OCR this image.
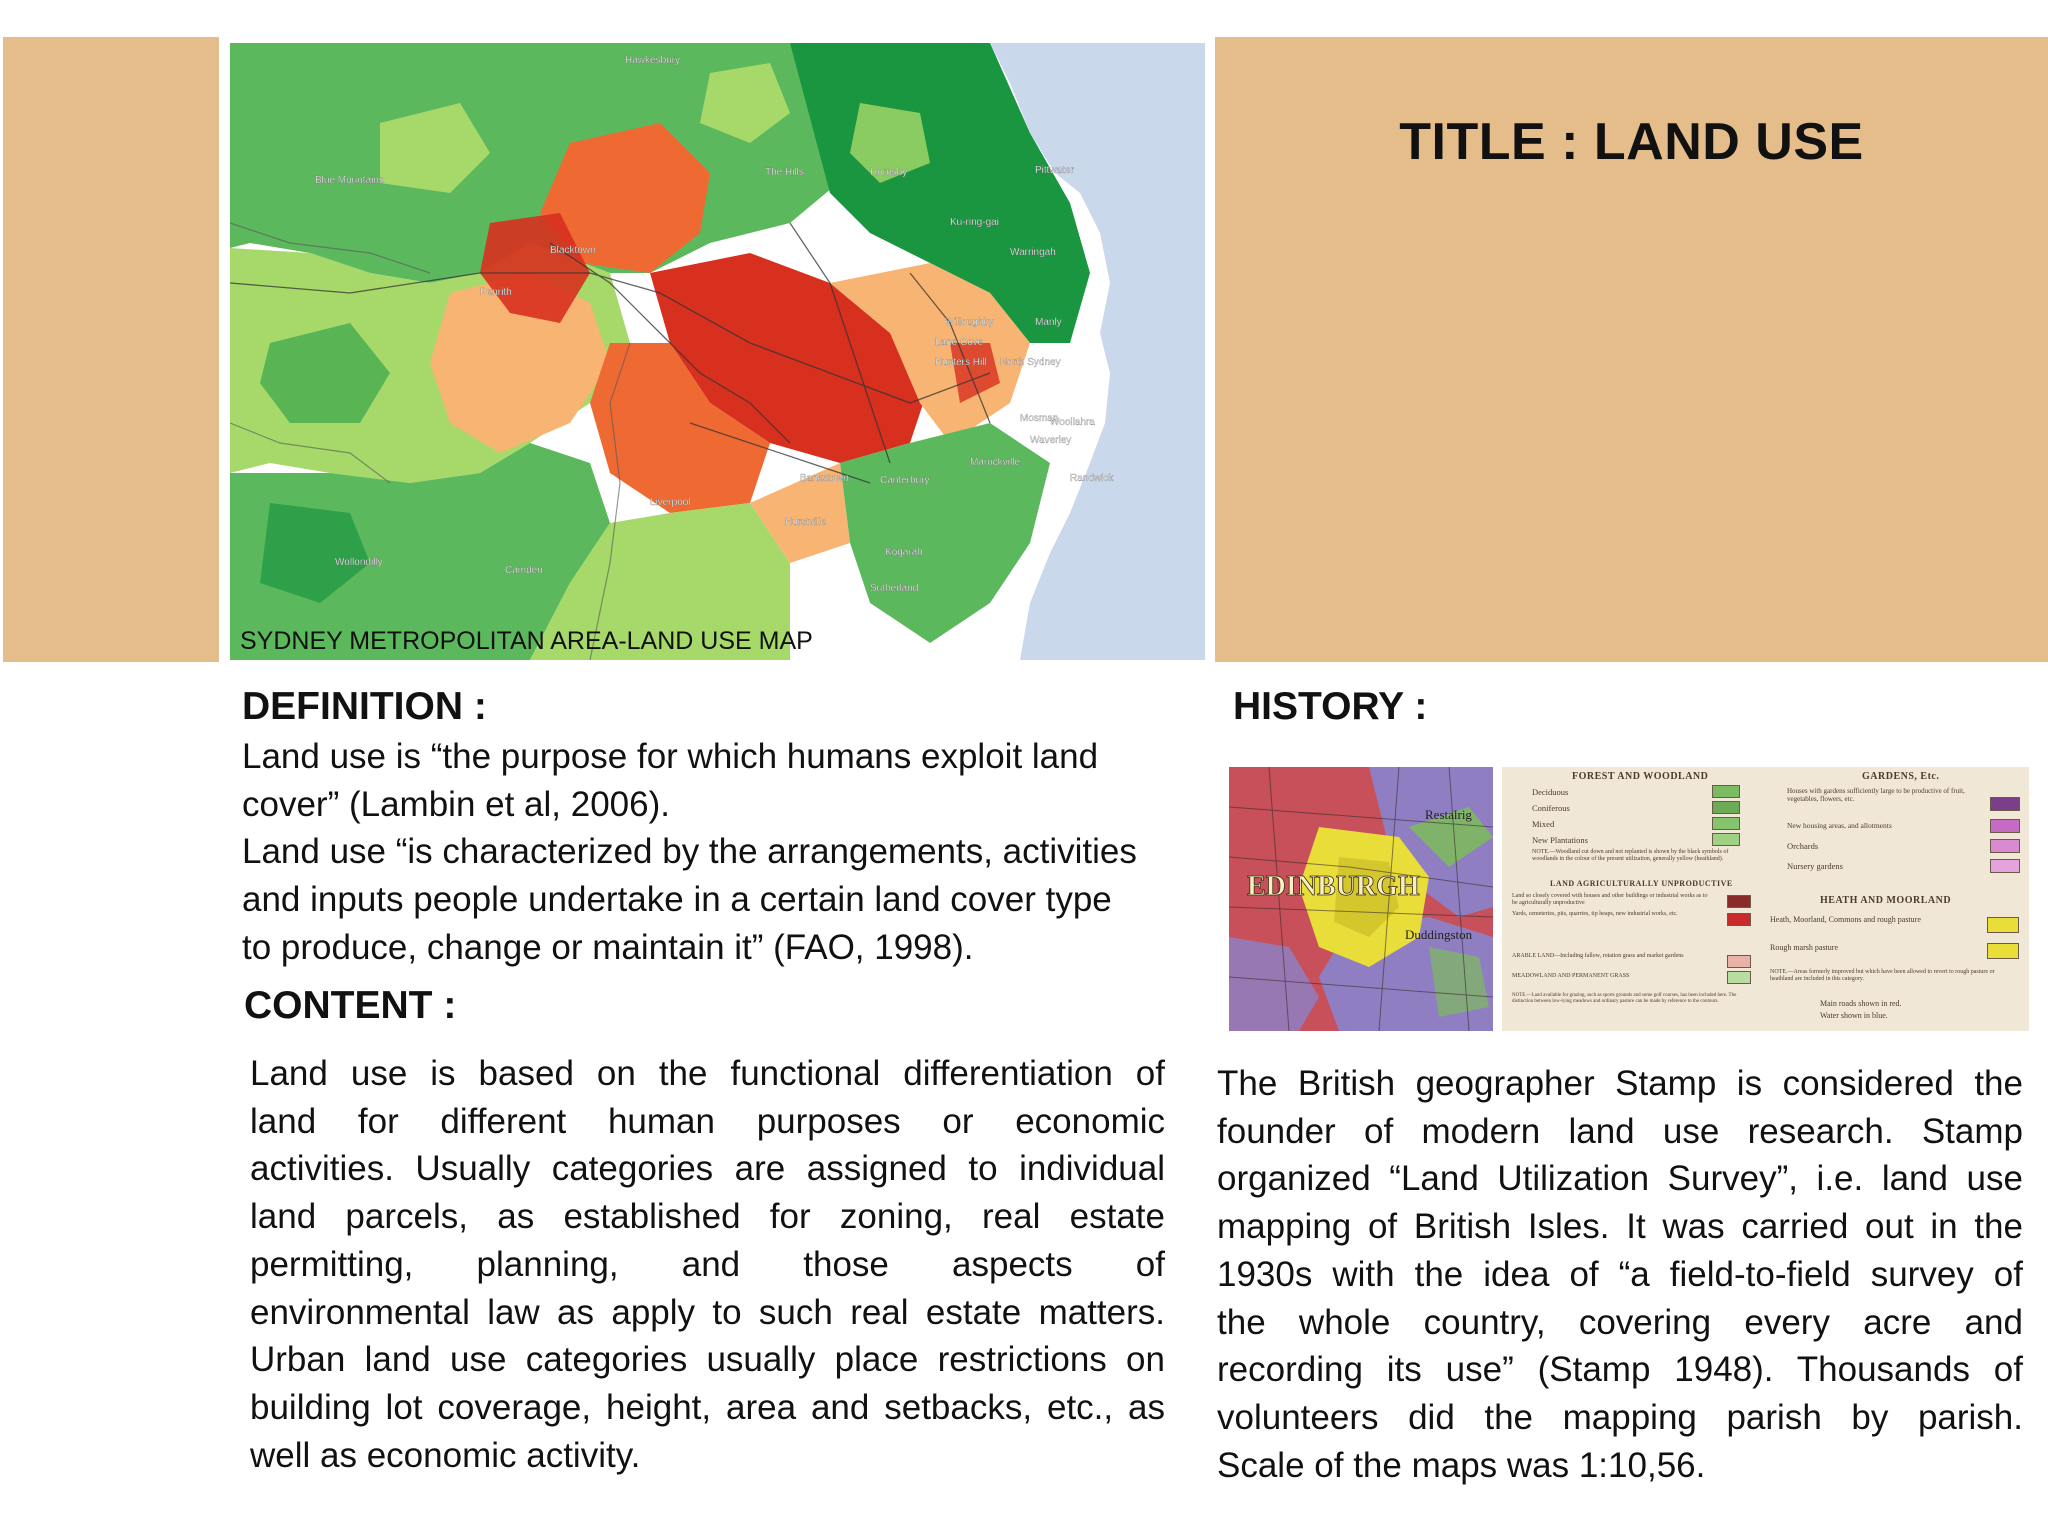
TITLE : LAND USE
Hawkesbury
Blue Mountains
The Hills	Hornsby	Pittwater
Ku-ring-gai
Warringah
Blacktown
Penrith
Willoughby	Manly
Lane Cove
Hunters Hill North Sydney
Mosman
Woollahra
Waverley
Randwick
Marrickville
Canterbury
Bankstown
Liverpool
Hurstville
Kogarah
Wollondilly
Camden
Sutherland
SYDNEY METROPOLITAN AREA-LAND USE MAP
DEFINITION :
Land use is “the purpose for which humans exploit land
cover” (Lambin et al, 2006).
Land use “is characterized by the arrangements, activities
and inputs people undertake in a certain land cover type
to produce, change or maintain it” (FAO, 1998).
CONTENT :
Land use is based on the functional differentiation of
land for different human purposes or economic
activities. Usually categories are assigned to individual
land parcels, as established for zoning, real estate
permitting, planning, and those aspects of
environmental law as apply to such real estate matters.
Urban land use categories usually place restrictions on
building lot coverage, height, area and setbacks, etc., as
well as economic activity.
HISTORY :
EDINBURGH
Restalrig
Duddingston
FOREST AND WOODLAND
Deciduous
Coniferous
Mixed
New Plantations
NOTE.—Woodland cut down and not replanted is shown by the black symbols of woodlands in the colour of the present utilization, generally yellow (heathland).
LAND AGRICULTURALLY UNPRODUCTIVE
Land so closely covered with houses and other buildings or industrial works as to be agriculturally unproductive
Yards, cemeteries, pits, quarries, tip heaps, new industrial works, etc.
ARABLE LAND—Including fallow, rotation grass and market gardens
MEADOWLAND AND PERMANENT GRASS
NOTE.—Land available for grazing, such as sports grounds and some golf courses, has been included here. The distinction between low-lying meadows and ordinary pasture can be made by reference to the contours.
GARDENS, Etc.
Houses with gardens sufficiently large to be productive of fruit, vegetables, flowers, etc.
New housing areas, and allotments
Orchards
Nursery gardens
HEATH AND MOORLAND
Heath, Moorland, Commons and rough pasture
Rough marsh pasture
NOTE.—Areas formerly improved but which have been allowed to revert to rough pasture or heathland are included in this category.
Main roads shown in red.
Water shown in blue.
The British geographer Stamp is considered the
founder of modern land use research. Stamp
organized “Land Utilization Survey”, i.e. land use
mapping of British Isles. It was carried out in the
1930s with the idea of “a field-to-field survey of
the whole country, covering every acre and
recording its use” (Stamp 1948). Thousands of
volunteers did the mapping parish by parish.
Scale of the maps was 1:10,56.
